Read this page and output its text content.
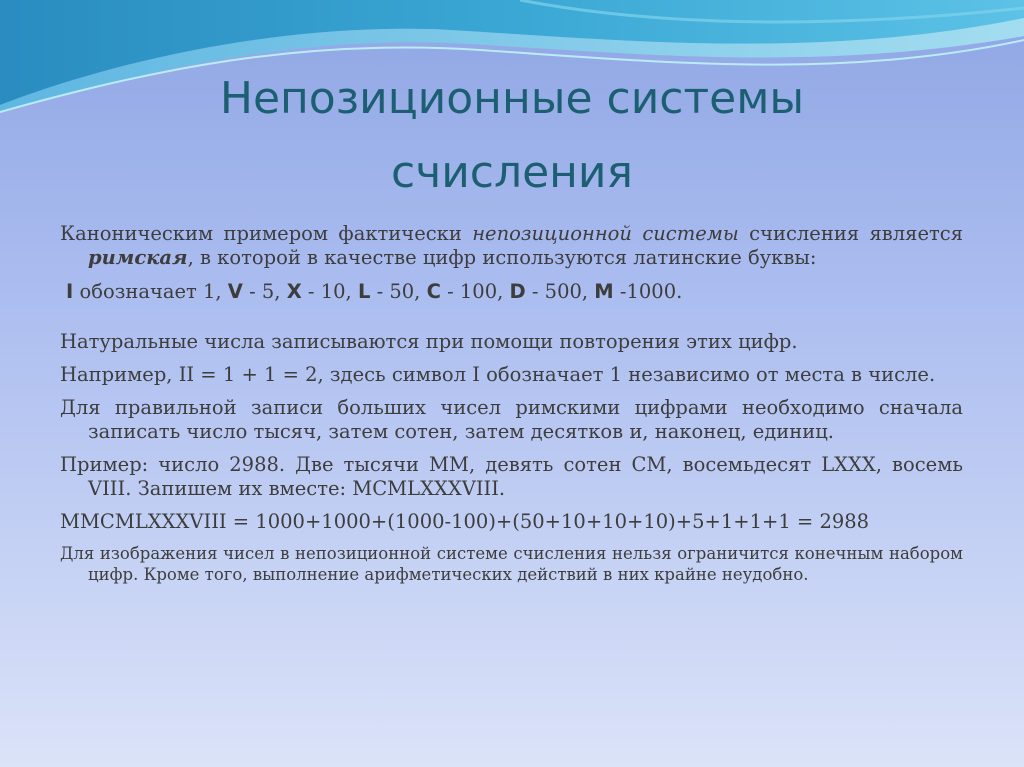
Непозиционные системы
счисления

Каноническим примером фактически непозиционной системы счисления является римская, в которой в качестве цифр используются латинские буквы:

I обозначает 1, V - 5, X - 10, L - 50, C - 100, D - 500, M -1000.

Натуральные числа записываются при помощи повторения этих цифр.

Например, II = 1 + 1 = 2, здесь символ I обозначает 1 независимо от места в числе.

Для правильной записи больших чисел римскими цифрами необходимо сначала записать число тысяч, затем сотен, затем десятков и, наконец, единиц.

Пример: число 2988. Две тысячи MM, девять сотен CM, восемьдесят LXXX, восемь VIII. Запишем их вместе: MCMLXXXVIII.

MMCMLXXXVIII = 1000+1000+(1000-100)+(50+10+10+10)+5+1+1+1 = 2988

Для изображения чисел в непозиционной системе счисления нельзя ограничится конечным набором цифр. Кроме того, выполнение арифметических действий в них крайне неудобно.
